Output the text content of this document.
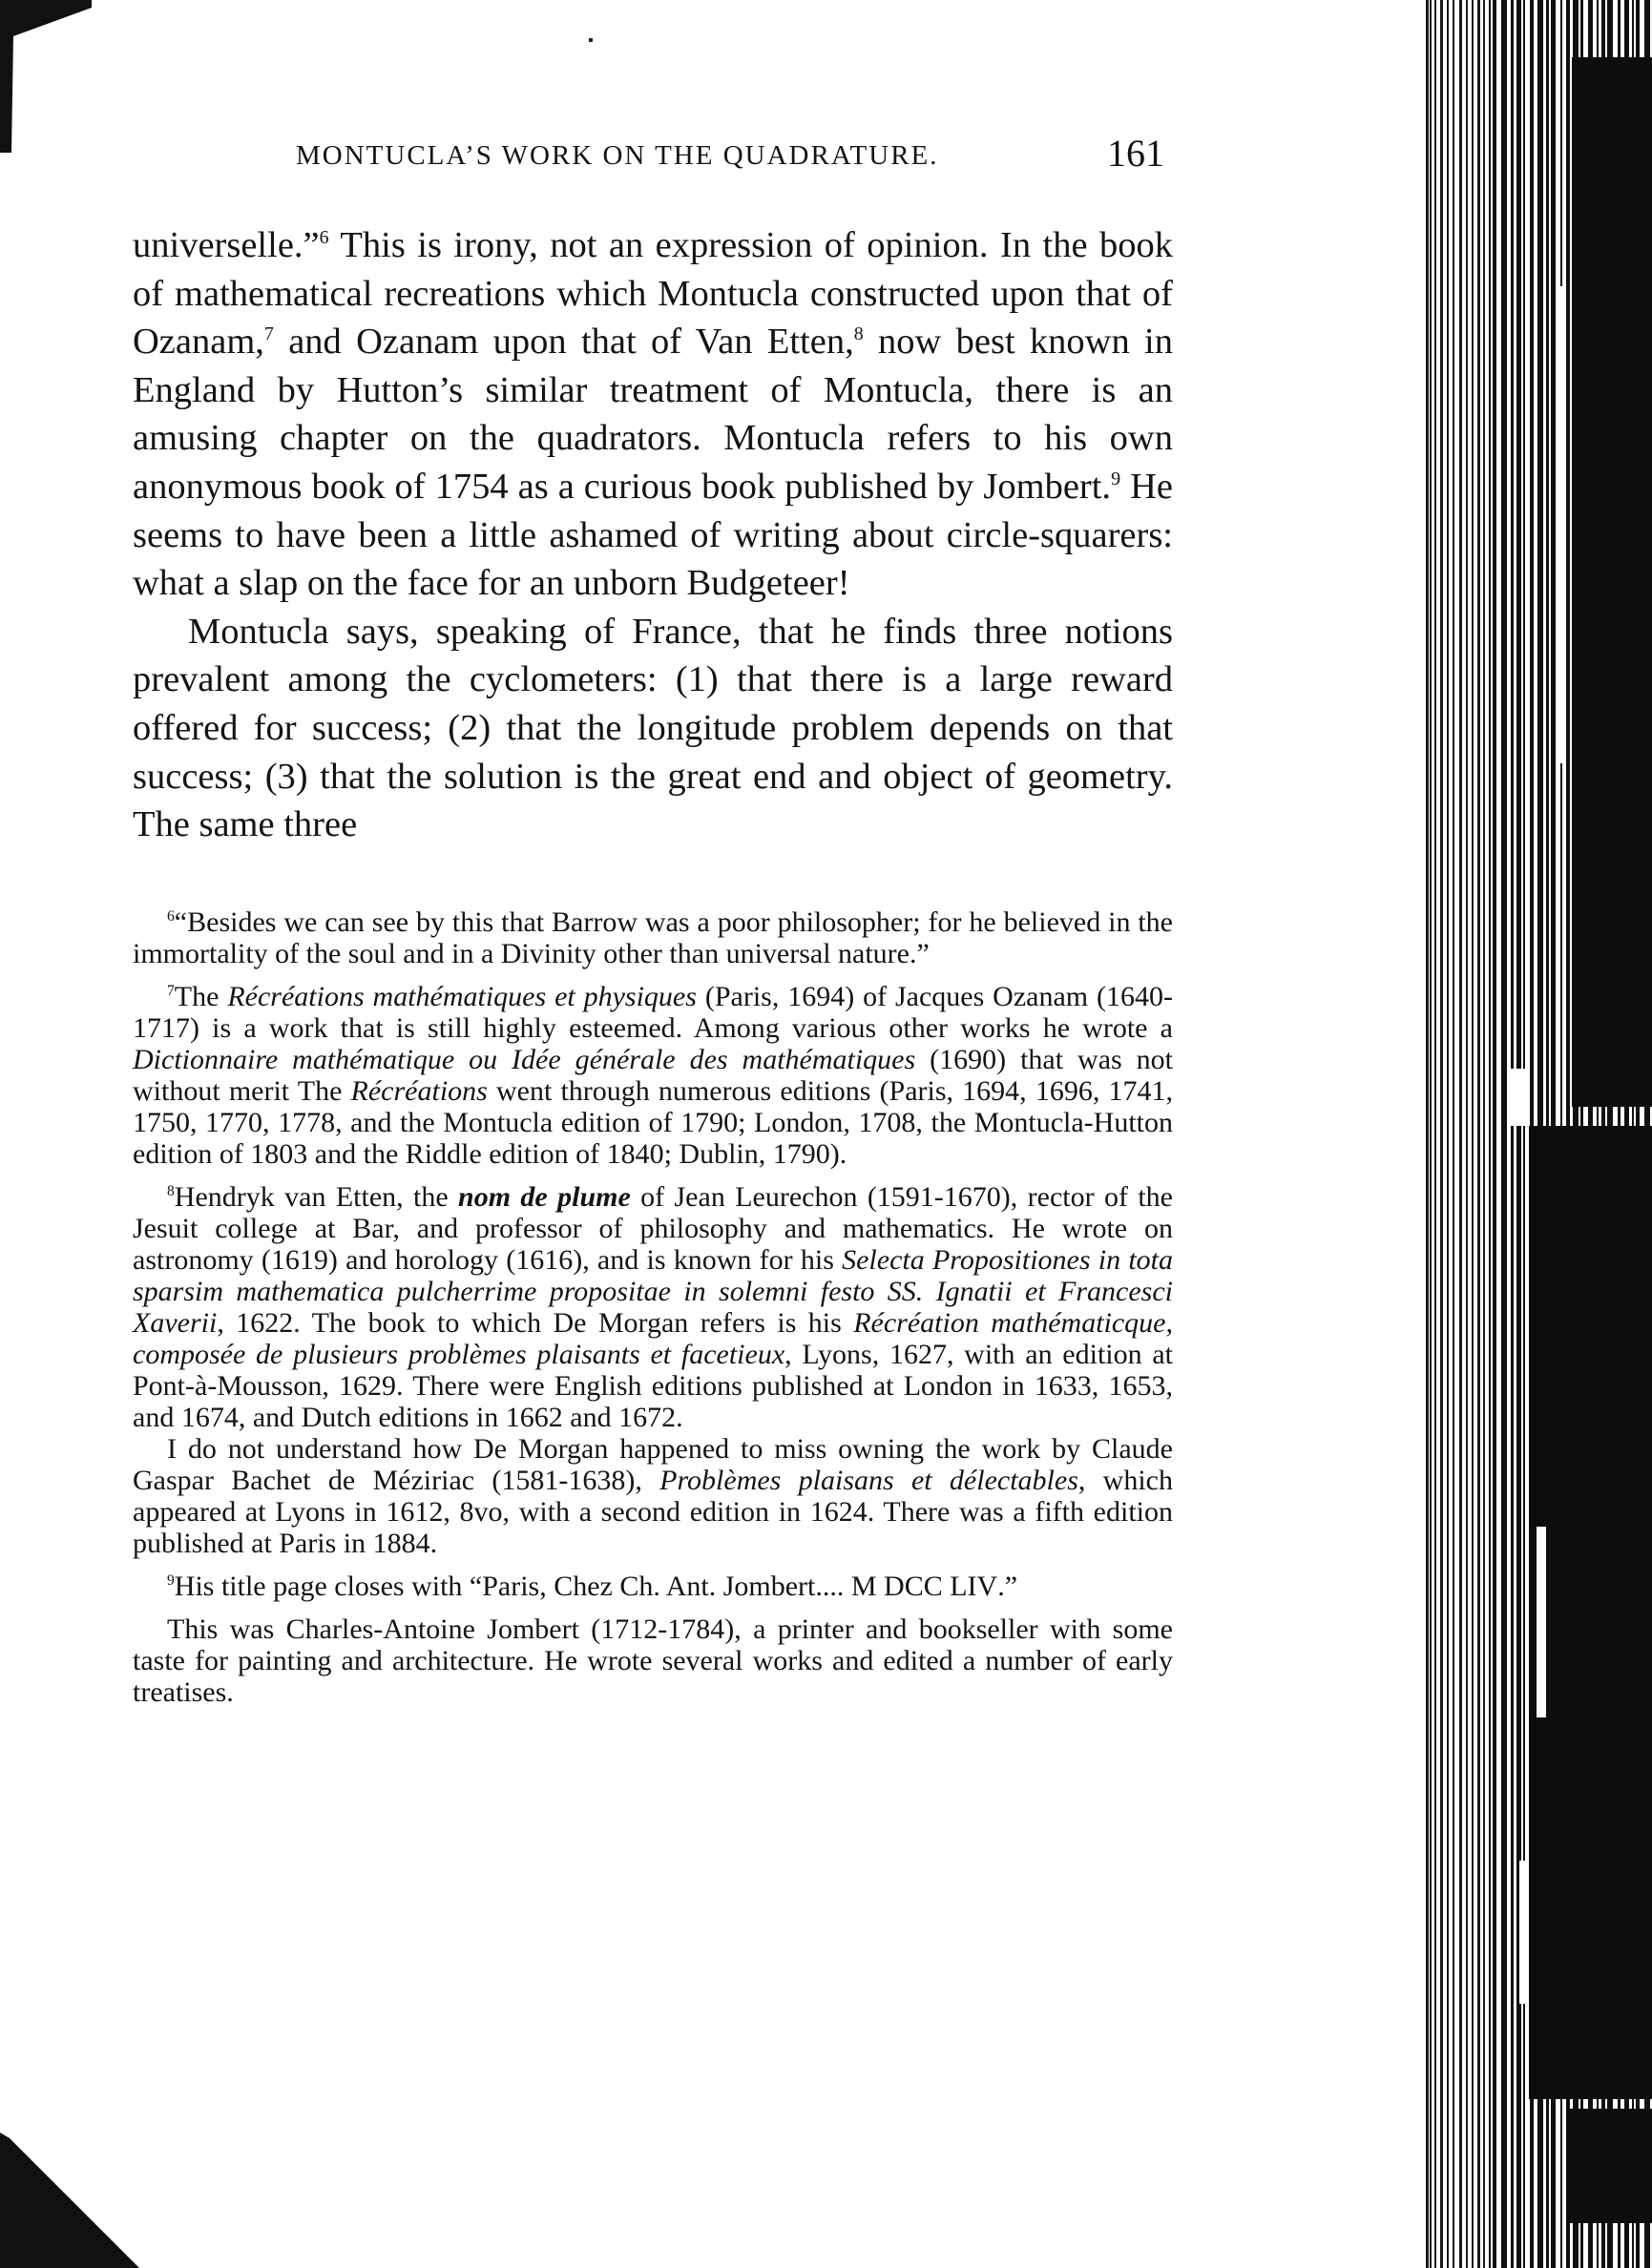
MONTUCLA’S WORK ON THE QUADRATURE.	161

universelle.”$^6$ This is irony, not an expression of opinion. In the book of mathematical recreations which Montucla constructed upon that of Ozanam,$^7$ and Ozanam upon that of Van Etten,$^8$ now best known in England by Hutton’s similar treatment of Montucla, there is an amusing chapter on the quadrators. Montucla refers to his own anonymous book of 1754 as a curious book published by Jombert.$^9$ He seems to have been a little ashamed of writing about circle-squarers: what a slap on the face for an unborn Budgeteer!

Montucla says, speaking of France, that he finds three notions prevalent among the cyclometers: (1) that there is a large reward offered for success; (2) that the longitude problem depends on that success; (3) that the solution is the great end and object of geometry. The same three

$^6$“Besides we can see by this that Barrow was a poor philosopher; for he believed in the immortality of the soul and in a Divinity other than universal nature.”

$^7$The Récréations mathématiques et physiques (Paris, 1694) of Jacques Ozanam (1640-1717) is a work that is still highly esteemed. Among various other works he wrote a Dictionnaire mathématique ou Idée générale des mathématiques (1690) that was not without merit The Récréations went through numerous editions (Paris, 1694, 1696, 1741, 1750, 1770, 1778, and the Montucla edition of 1790; London, 1708, the Montucla-Hutton edition of 1803 and the Riddle edition of 1840; Dublin, 1790).

$^8$Hendryk van Etten, the nom de plume of Jean Leurechon (1591-1670), rector of the Jesuit college at Bar, and professor of philosophy and mathematics. He wrote on astronomy (1619) and horology (1616), and is known for his Selecta Propositiones in tota sparsim mathematica pulcherrime propositae in solemni festo SS. Ignatii et Francesci Xaverii, 1622. The book to which De Morgan refers is his Récréation mathématicque, composée de plusieurs problèmes plaisants et facetieux, Lyons, 1627, with an edition at Pont-à-Mousson, 1629. There were English editions published at London in 1633, 1653, and 1674, and Dutch editions in 1662 and 1672.

I do not understand how De Morgan happened to miss owning the work by Claude Gaspar Bachet de Méziriac (1581-1638), Problèmes plaisans et délectables, which appeared at Lyons in 1612, 8vo, with a second edition in 1624. There was a fifth edition published at Paris in 1884.

$^9$His title page closes with “Paris, Chez Ch. Ant. Jombert.... M DCC LIV.”

This was Charles-Antoine Jombert (1712-1784), a printer and bookseller with some taste for painting and architecture. He wrote several works and edited a number of early treatises.
